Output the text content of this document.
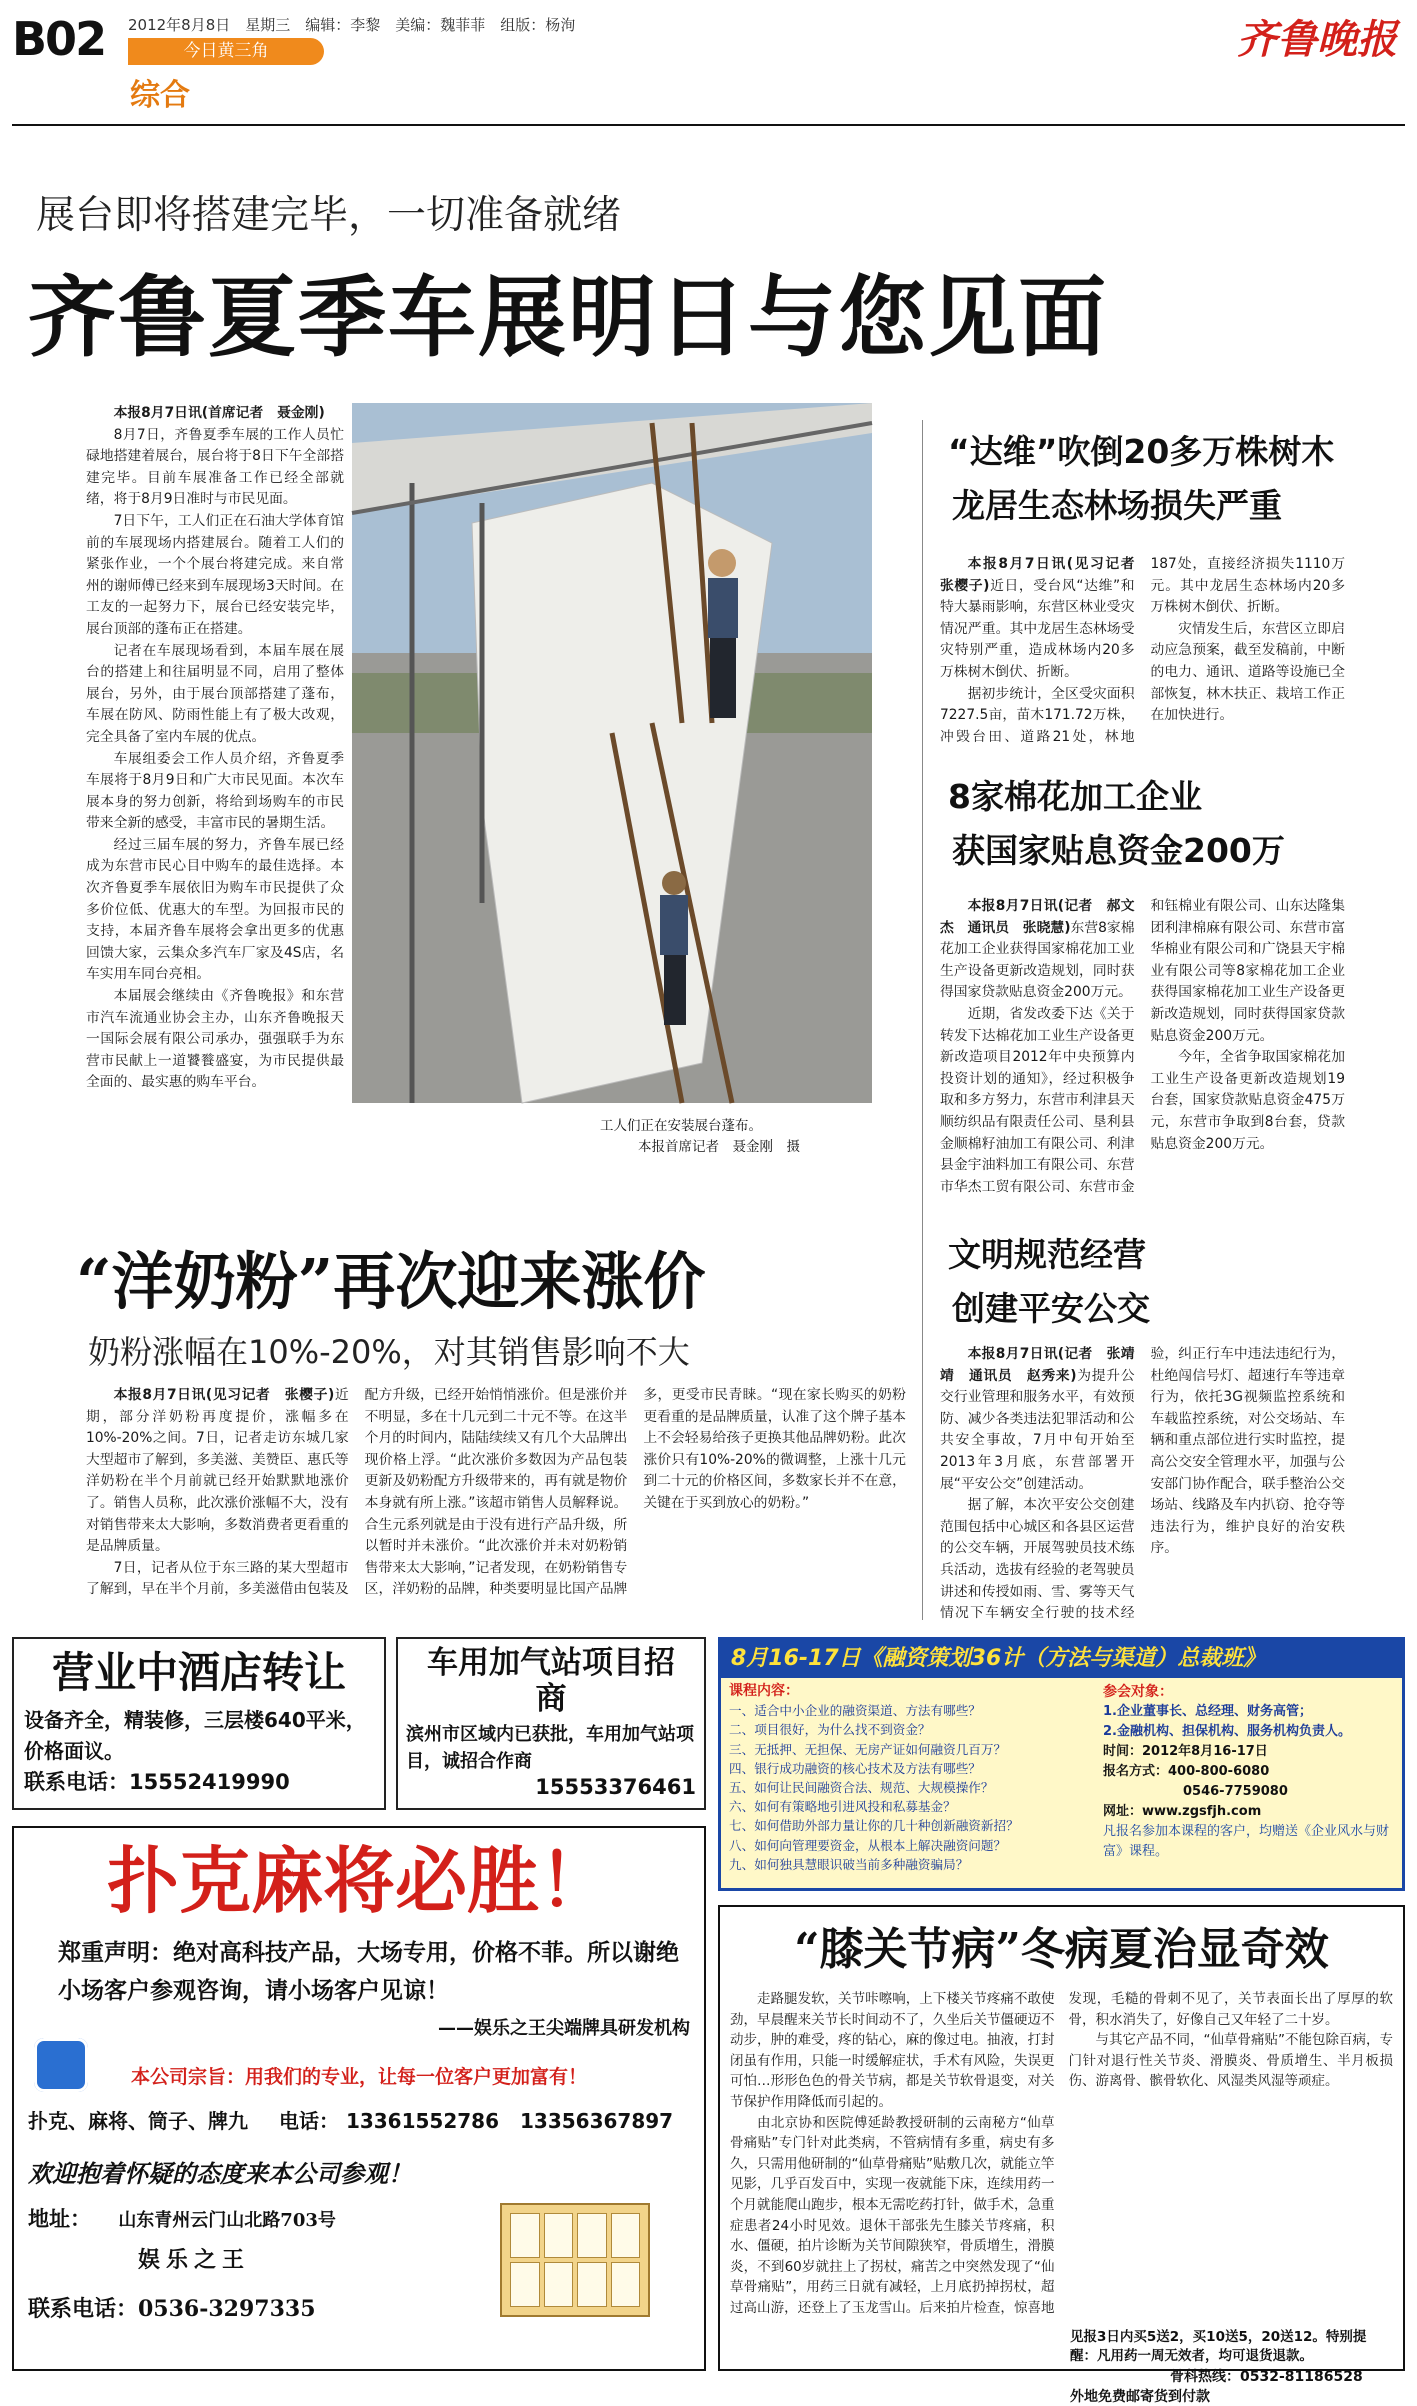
B02 2012年8月8日　星期三　编辑：李黎　美编：魏菲菲　组版：杨洵
今日黄三角
综合
齐鲁晚报
展台即将搭建完毕，一切准备就绪
齐鲁夏季车展明日与您见面

本报8月7日讯(首席记者　聂金刚)

8月7日，齐鲁夏季车展的工作人员忙碌地搭建着展台，展台将于8日下午全部搭建完毕。目前车展准备工作已经全部就绪，将于8月9日准时与市民见面。

7日下午，工人们正在石油大学体育馆前的车展现场内搭建展台。随着工人们的紧张作业，一个个展台将建完成。来自常州的谢师傅已经来到车展现场3天时间。在工友的一起努力下，展台已经安装完毕，展台顶部的蓬布正在搭建。

记者在车展现场看到，本届车展在展台的搭建上和往届明显不同，启用了整体展台，另外，由于展台顶部搭建了蓬布，车展在防风、防雨性能上有了极大改观，完全具备了室内车展的优点。

车展组委会工作人员介绍，齐鲁夏季车展将于8月9日和广大市民见面。本次车展本身的努力创新，将给到场购车的市民带来全新的感受，丰富市民的暑期生活。

经过三届车展的努力，齐鲁车展已经成为东营市民心目中购车的最佳选择。本次齐鲁夏季车展依旧为购车市民提供了众多价位低、优惠大的车型。为回报市民的支持，本届齐鲁车展将会拿出更多的优惠回馈大家，云集众多汽车厂家及4S店，名车实用车同台亮相。

本届展会继续由《齐鲁晚报》和东营市汽车流通业协会主办，山东齐鲁晚报天一国际会展有限公司承办，强强联手为东营市民献上一道饕餮盛宴，为市民提供最全面的、最实惠的购车平台。

工人们正在安装展台蓬布。
本报首席记者　聂金刚　摄
“达维”吹倒20多万株树木
龙居生态林场损失严重

本报8月7日讯(见习记者　张樱子)近日，受台风“达维”和特大暴雨影响，东营区林业受灾情况严重。其中龙居生态林场受灾特别严重，造成林场内20多万株树木倒伏、折断。

据初步统计，全区受灾面积7227.5亩，苗木171.72万株，冲毁台田、道路21处，林地187处，直接经济损失1110万元。其中龙居生态林场内20多万株树木倒伏、折断。

灾情发生后，东营区立即启动应急预案，截至发稿前，中断的电力、通讯、道路等设施已全部恢复，林木扶正、栽培工作正在加快进行。

8家棉花加工企业
获国家贴息资金200万

本报8月7日讯(记者　郝文杰　通讯员　张晓慧)东营8家棉花加工企业获得国家棉花加工业生产设备更新改造规划，同时获得国家贷款贴息资金200万元。

近期，省发改委下达《关于转发下达棉花加工业生产设备更新改造项目2012年中央预算内投资计划的通知》，经过积极争取和多方努力，东营市利津县天顺纺织品有限责任公司、垦利县金顺棉籽油加工有限公司、利津县金宇油料加工有限公司、东营市华杰工贸有限公司、东营市金和钰棉业有限公司、山东达隆集团利津棉麻有限公司、东营市富华棉业有限公司和广饶县天宇棉业有限公司等8家棉花加工企业获得国家棉花加工业生产设备更新改造规划，同时获得国家贷款贴息资金200万元。

今年，全省争取国家棉花加工业生产设备更新改造规划19台套，国家贷款贴息资金475万元，东营市争取到8台套，贷款贴息资金200万元。

文明规范经营
创建平安公交

本报8月7日讯(记者　张靖靖　通讯员　赵秀来)为提升公交行业管理和服务水平，有效预防、减少各类违法犯罪活动和公共安全事故，7月中旬开始至2013年3月底，东营部署开展“平安公交”创建活动。

据了解，本次平安公交创建范围包括中心城区和各县区运营的公交车辆，开展驾驶员技术练兵活动，选拔有经验的老驾驶员讲述和传授如雨、雪、雾等天气情况下车辆安全行驶的技术经验，纠正行车中违法违纪行为，杜绝闯信号灯、超速行车等违章行为，依托3G视频监控系统和车载监控系统，对公交场站、车辆和重点部位进行实时监控，提高公交安全管理水平，加强与公安部门协作配合，联手整治公交场站、线路及车内扒窃、抢夺等违法行为，维护良好的治安秩序。

“洋奶粉”再次迎来涨价
奶粉涨幅在10%-20%，对其销售影响不大

本报8月7日讯(见习记者　张樱子)近期，部分洋奶粉再度提价，涨幅多在10%-20%之间。7日，记者走访东城几家大型超市了解到，多美滋、美赞臣、惠氏等洋奶粉在半个月前就已经开始默默地涨价了。销售人员称，此次涨价涨幅不大，没有对销售带来太大影响，多数消费者更看重的是品牌质量。

7日，记者从位于东三路的某大型超市了解到，早在半个月前，多美滋借由包装及配方升级，已经开始悄悄涨价。但是涨价并不明显，多在十几元到二十元不等。在这半个月的时间内，陆陆续续又有几个大品牌出现价格上浮。“此次涨价多数因为产品包装更新及奶粉配方升级带来的，再有就是物价本身就有所上涨。”该超市销售人员解释说。合生元系列就是由于没有进行产品升级，所以暂时并未涨价。“此次涨价并未对奶粉销售带来太大影响，”记者发现，在奶粉销售专区，洋奶粉的品牌，种类要明显比国产品牌多，更受市民青睐。“现在家长购买的奶粉更看重的是品牌质量，认准了这个牌子基本上不会轻易给孩子更换其他品牌奶粉。此次涨价只有10%-20%的微调整，上涨十几元到二十元的价格区间，多数家长并不在意，关键在于买到放心的奶粉。”

营业中酒店转让
设备齐全，精装修，三层楼640平米，价格面议。
联系电话：15552419990
车用加气站项目招商
滨州市区域内已获批，车用加气站项目，诚招合作商
15553376461
8月16-17日《融资策划36计（方法与渠道）总裁班》
课程内容：
一、适合中小企业的融资渠道、方法有哪些？
二、项目很好，为什么找不到资金？
三、无抵押、无担保、无房产证如何融资几百万？
四、银行成功融资的核心技术及方法有哪些？
五、如何让民间融资合法、规范、大规模操作？
六、如何有策略地引进风投和私募基金？
七、如何借助外部力量让你的几十种创新融资新招？
八、如何向管理要资金，从根本上解决融资问题？
九、如何独具慧眼识破当前多种融资骗局？
参会对象：
1.企业董事长、总经理、财务高管；
2.金融机构、担保机构、服务机构负责人。
时间：2012年8月16-17日
报名方式：400-800-6080
0546-7759080
网址：www.zgsfjh.com
凡报名参加本课程的客户，均赠送《企业风水与财富》课程。
扑克麻将必胜！
郑重声明：绝对高科技产品，大场专用，价格不菲。所以谢绝小场客户参观咨询，请小场客户见谅！
——娱乐之王尖端牌具研发机构
本公司宗旨：用我们的专业，让每一位客户更加富有！
扑克、麻将、筒子、牌九 电话： 13361552786 13356367897
欢迎抱着怀疑的态度来本公司参观！
地址： 山东青州云门山北路703号
娱乐之王
联系电话：0536-3297335
“膝关节病”冬病夏治显奇效

走路腿发软，关节咔嚓响，上下楼关节疼痛不敢使劲，早晨醒来关节长时间动不了，久坐后关节僵硬迈不动步，肿的难受，疼的钻心，麻的像过电。抽液，打封闭虽有作用，只能一时缓解症状，手术有风险，失误更可怕…形形色色的骨关节病，都是关节软骨退变，对关节保护作用降低而引起的。

由北京协和医院傅延龄教授研制的云南秘方“仙草骨痛贴”专门针对此类病，不管病情有多重，病史有多久，只需用他研制的“仙草骨痛贴”贴敷几次，就能立竿见影，几乎百发百中，实现一夜就能下床，连续用药一个月就能爬山跑步，根本无需吃药打针，做手术，急重症患者24小时见效。退休干部张先生膝关节疼痛，积水、僵硬，拍片诊断为关节间隙狭窄，骨质增生，滑膜炎，不到60岁就拄上了拐杖，痛苦之中突然发现了“仙草骨痛贴”，用药三日就有减轻，上月底扔掉拐杖，超过高山游，还登上了玉龙雪山。后来拍片检查，惊喜地发现，毛糙的骨刺不见了，关节表面长出了厚厚的软骨，积水消失了，好像自己又年轻了二十岁。

与其它产品不同，“仙草骨痛贴”不能包除百病，专门针对退行性关节炎、滑膜炎、骨质增生、半月板损伤、游离骨、髌骨软化、风湿类风湿等顽症。

见报3日内买5送2，买10送5，20送12。特别提醒：凡用药一周无效者，均可退货退款。
骨科热线：0532-81186528
外地免费邮寄货到付款
